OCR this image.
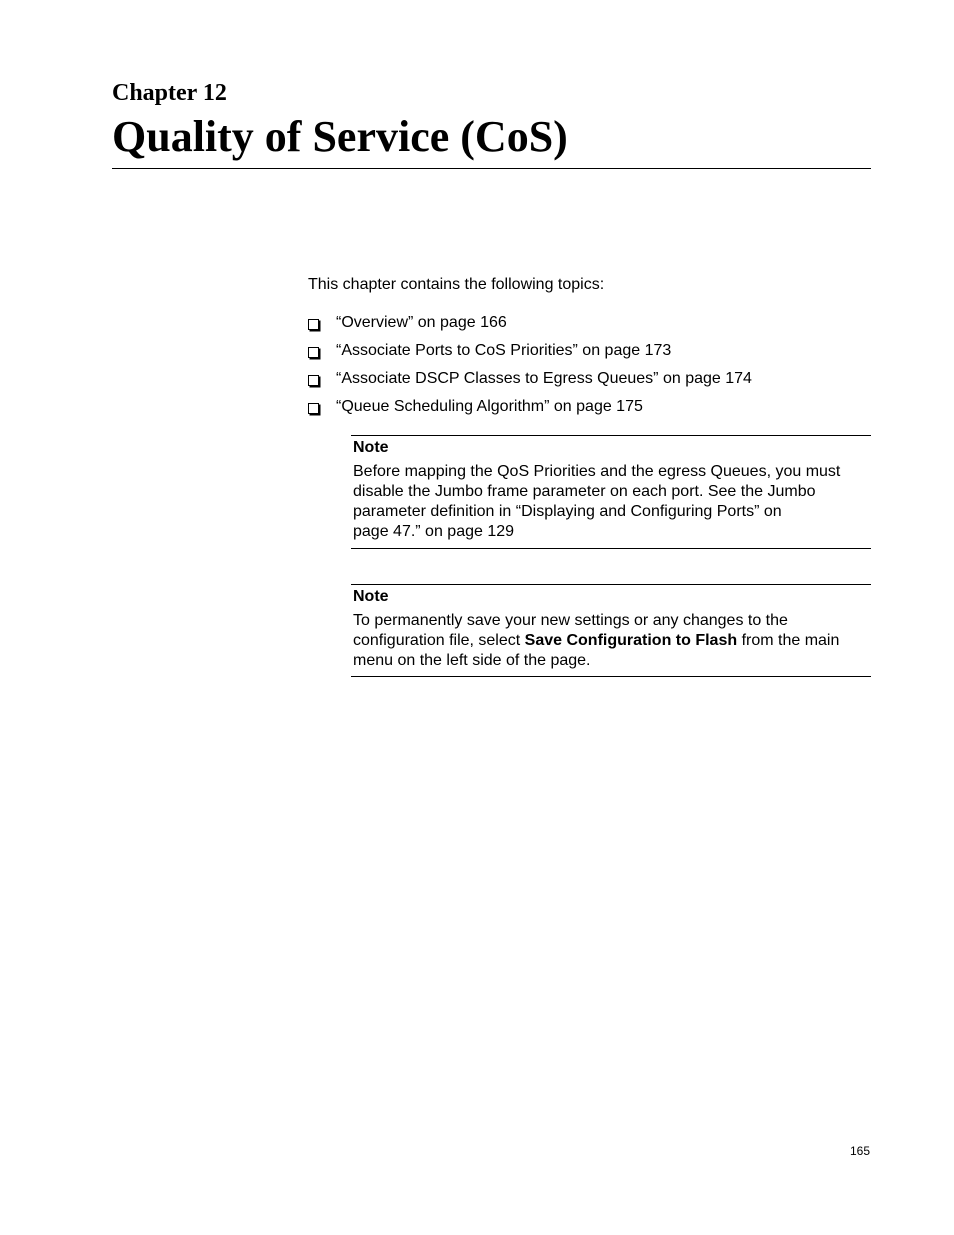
Chapter 12
Quality of Service (CoS)

This chapter contains the following topics:

“Overview” on page 166
“Associate Ports to CoS Priorities” on page 173
“Associate DSCP Classes to Egress Queues” on page 174
“Queue Scheduling Algorithm” on page 175

Note

Before mapping the QoS Priorities and the egress Queues, you must
disable the Jumbo frame parameter on each port. See the Jumbo
parameter definition in “Displaying and Configuring Ports” on
page 47.” on page 129

Note

To permanently save your new settings or any changes to the
configuration file, select Save Configuration to Flash from the main
menu on the left side of the page.

165
